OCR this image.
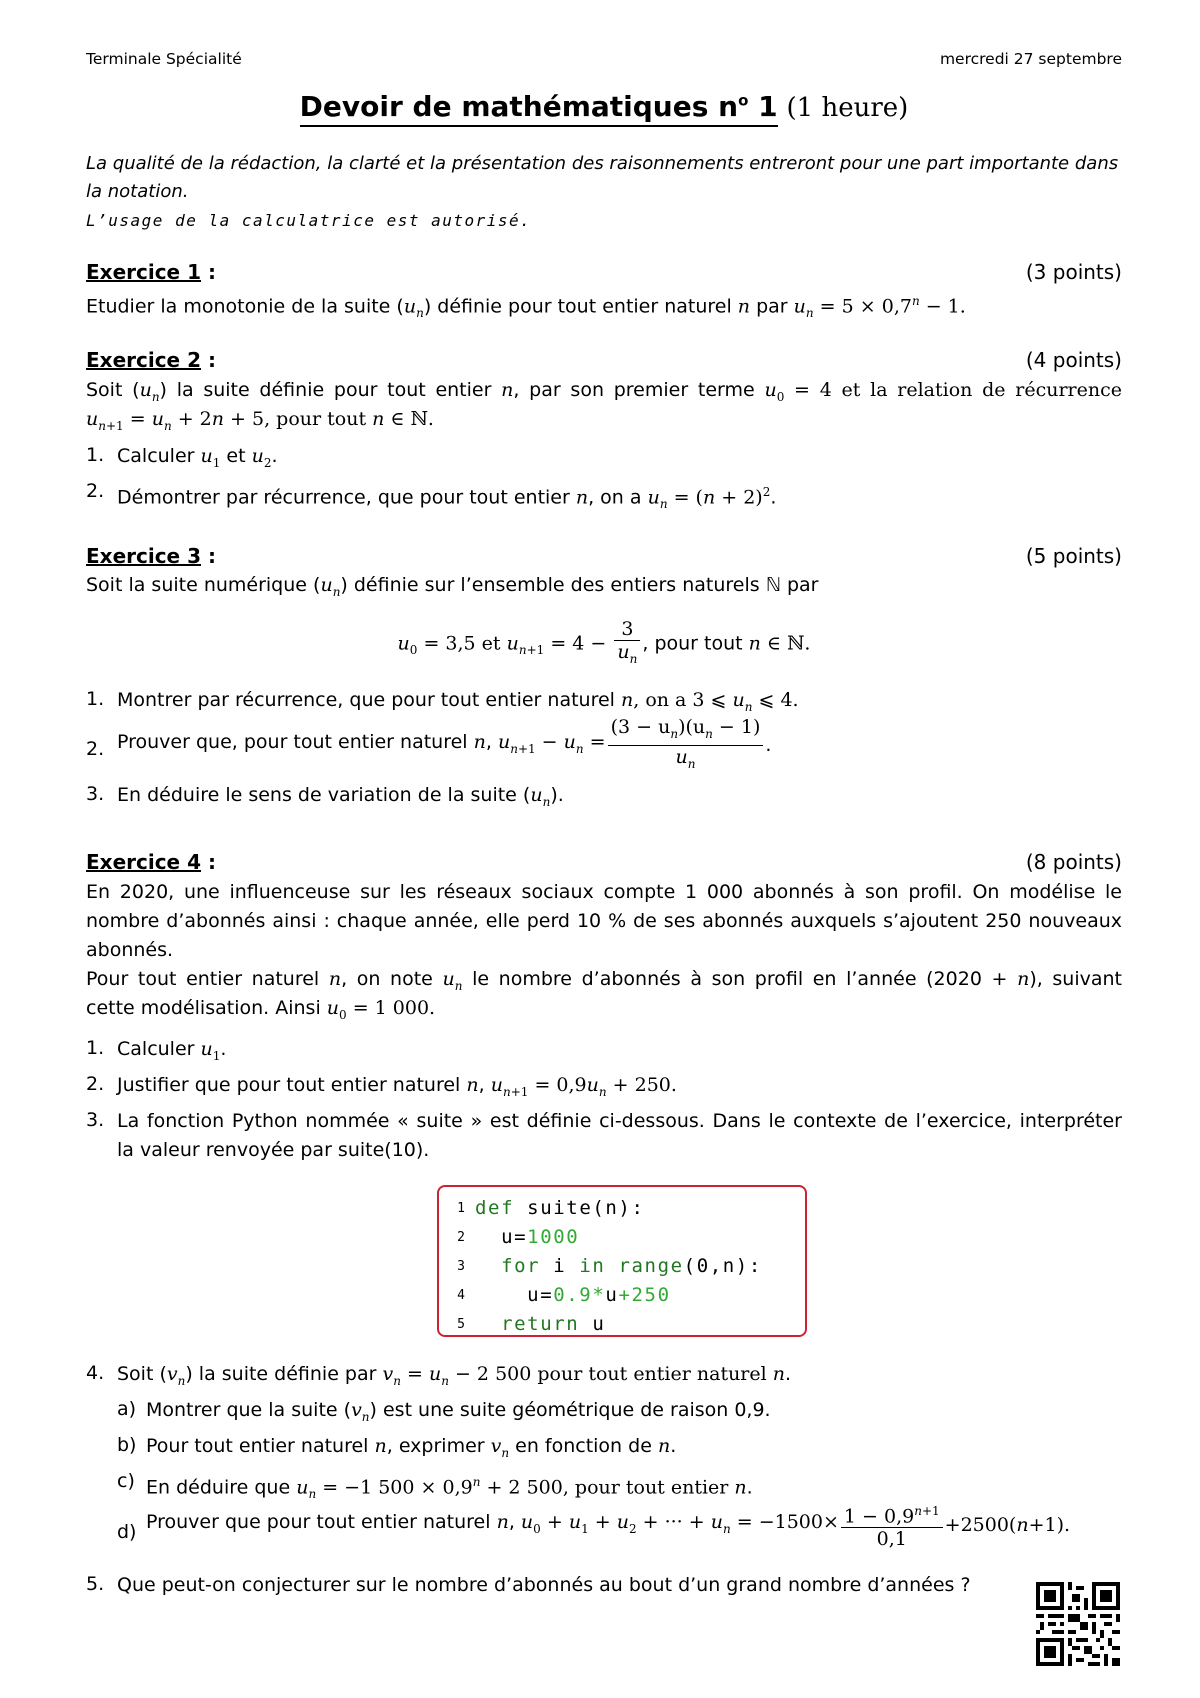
Terminale Spécialité	mercredi 27 septembre
Devoir de mathématiques $n^o$ 1 (1 heure)
La qualité de la rédaction, la clarté et la présentation des raisonnements entreront pour une part importante dans
la notation.
L’usage de la calculatrice est autorisé.
Exercice 1 :	(3 points)
Etudier la monotonie de la suite $(u_n)$ définie pour tout entier naturel n par $u_n = 5 \times 0,7^n - 1$.
Exercice 2 :	(4 points)
Soit $(u_n)$ la suite définie pour tout entier n, par son premier terme $u_0 = 4$ et la relation de récurrence
$u_{n+1} = u_n + 2n + 5$, pour tout n ∈ ℕ.
1. Calculer $u_1$ et $u_2$.
2. Démontrer par récurrence, que pour tout entier n, on a $u_n = (n + 2)^2$.
Exercice 3 :	(5 points)
Soit la suite numérique $(u_n)$ définie sur l’ensemble des entiers naturels ℕ par
$u_0 = 3,5$ et $u_{n+1} = 4 - \frac{3}{u_n}$ , pour tout n ∈ ℕ.
1. Montrer par récurrence, que pour tout entier naturel n, on a 3 ⩽ $u_n$ ⩽ 4.
2. Prouver que, pour tout entier naturel n, $u_{n+1} - u_n = \frac{(3 - u_n)(u_n - 1)}{u_n}$ .
3. En déduire le sens de variation de la suite $(u_n)$.
Exercice 4 :	(8 points)
En 2020, une influenceuse sur les réseaux sociaux compte 1 000 abonnés à son profil. On modélise le
nombre d’abonnés ainsi : chaque année, elle perd 10 % de ses abonnés auxquels s’ajoutent 250 nouveaux
abonnés.
Pour tout entier naturel n, on note $u_n$ le nombre d’abonnés à son profil en l’année (2020 + n), suivant
cette modélisation. Ainsi $u_0 = 1$ 000.
1. Calculer $u_1$.
2. Justifier que pour tout entier naturel n, $u_{n+1} = 0,9u_n + 250$.
3. La fonction Python nommée « suite » est définie ci-dessous. Dans le contexte de l’exercice, interpréter
la valeur renvoyée par suite(10).
1 def suite(n):
2	u=1000
3	for i in range(0,n):
4	u=0.9*u+250
5	return u
4. Soit $(v_n)$ la suite définie par $v_n = u_n - 2$ 500 pour tout entier naturel n.
a) Montrer que la suite $(v_n)$ est une suite géométrique de raison 0,9.
b) Pour tout entier naturel n, exprimer $v_n$ en fonction de n.
c) En déduire que $u_n = -1$ $500 \times 0,9^n + 2$ 500, pour tout entier n.
d) Prouver que pour tout entier naturel n, $u_0 + u_1 + u_2$ + ··· + $u_n = -1500\times \frac{1 - 0,9^{n+1}}{0,1} +2500(n+1)$.
5. Que peut-on conjecturer sur le nombre d’abonnés au bout d’un grand nombre d’années ?
